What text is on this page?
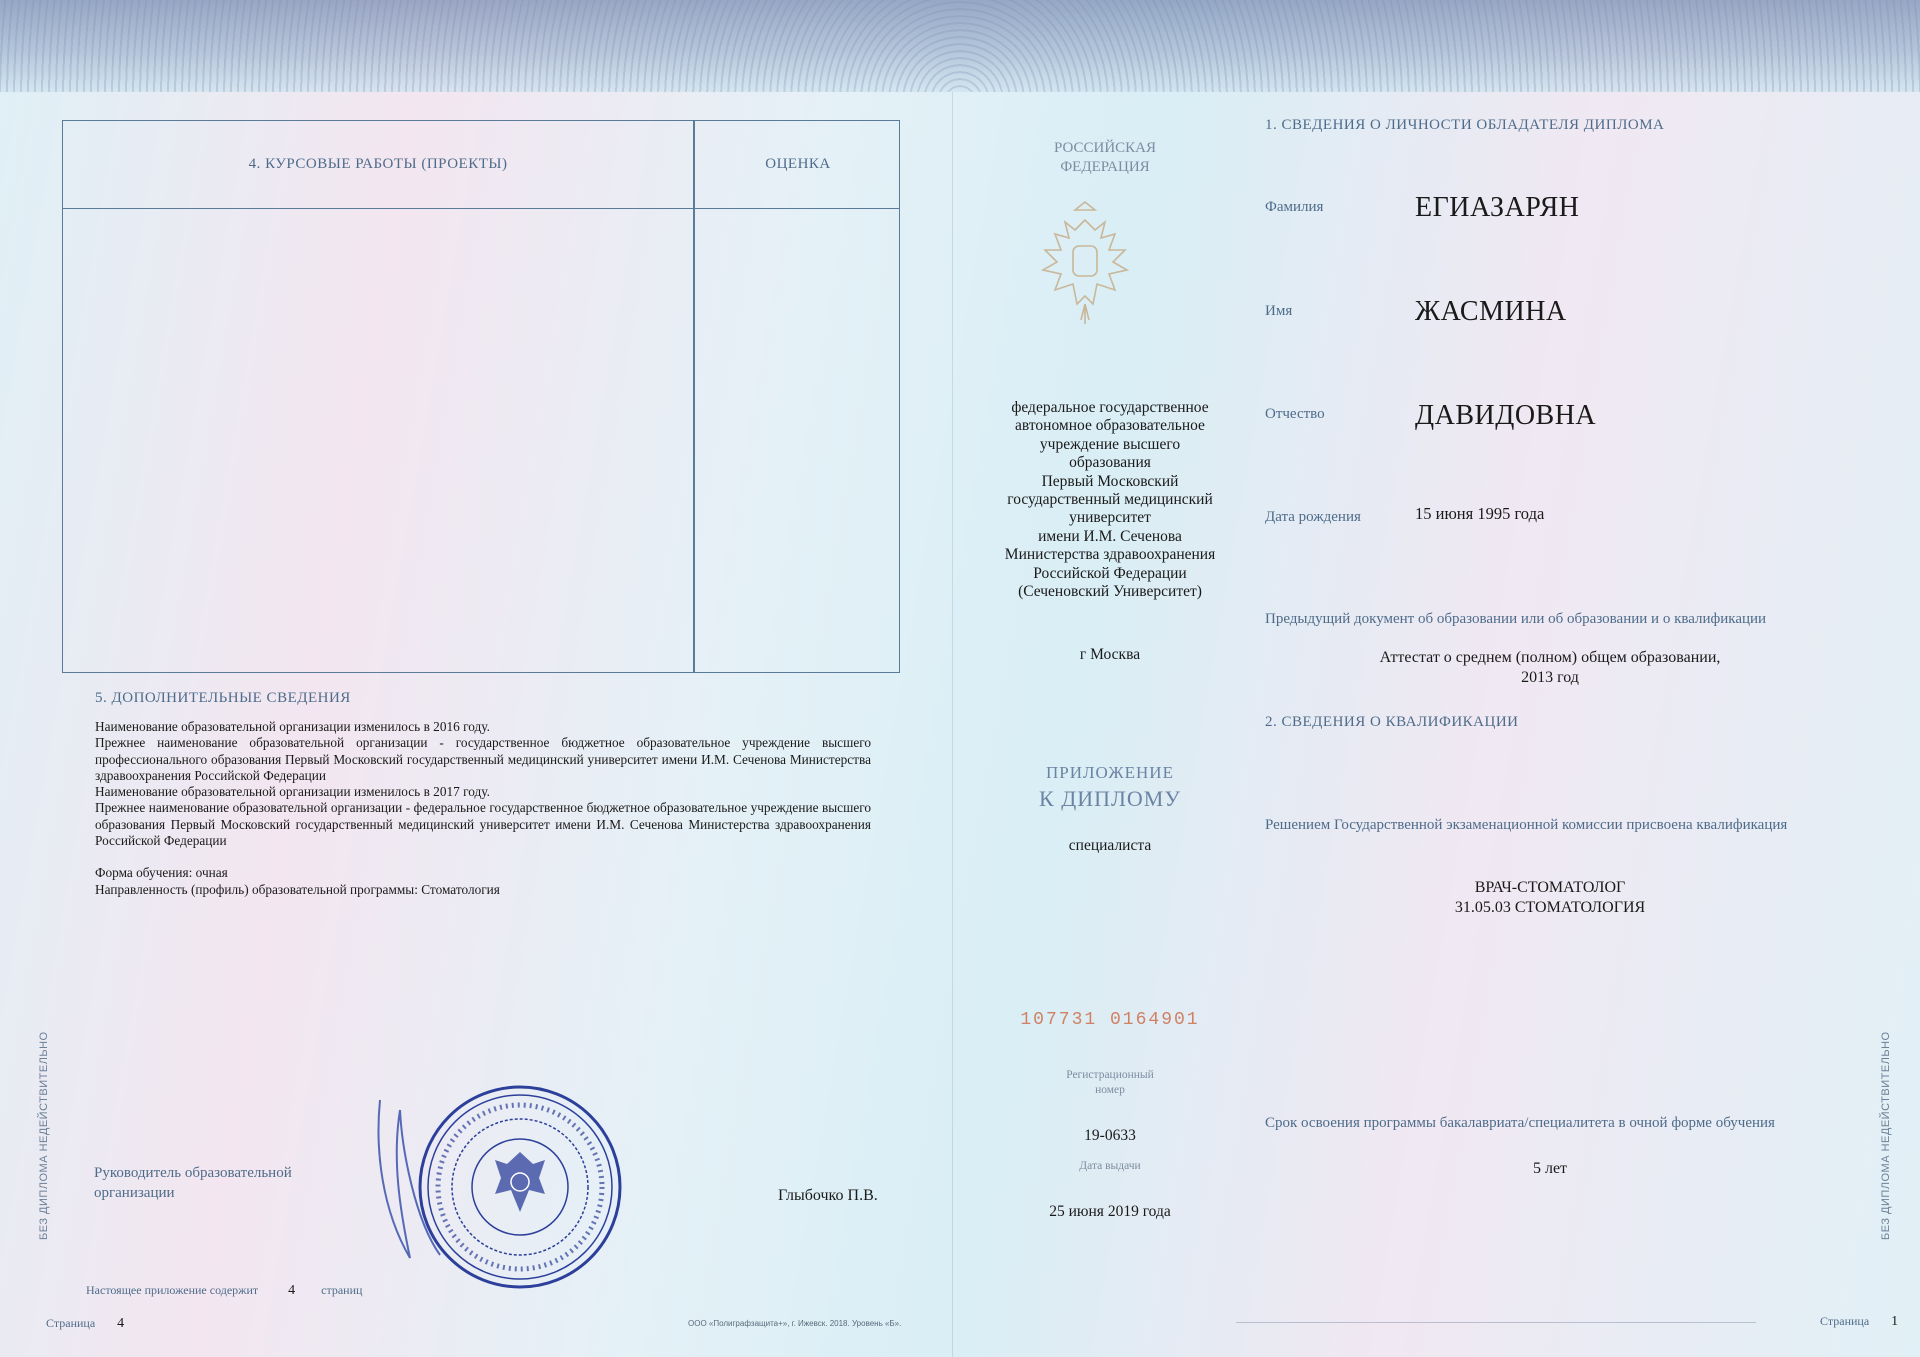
4. КУРСОВЫЕ РАБОТЫ (ПРОЕКТЫ)	ОЦЕНКА
5. ДОПОЛНИТЕЛЬНЫЕ СВЕДЕНИЯ

Наименование образовательной организации изменилось в 2016 году.

Прежнее наименование образовательной организации - государственное бюджетное образовательное учреждение высшего профессионального образования Первый Московский государственный медицинский университет имени И.М. Сеченова Министерства здравоохранения Российской Федерации

Наименование образовательной организации изменилось в 2017 году.

Прежнее наименование образовательной организации - федеральное государственное бюджетное образовательное учреждение высшего образования Первый Московский государственный медицинский университет имени И.М. Сеченова Министерства здравоохранения Российской Федерации

Форма обучения: очная

Направленность (профиль) образовательной программы: Стоматология

Руководитель образовательной организации	Глыбочко П.В.
Настоящее приложение содержит 4 страниц
Страница 4	ООО «Полиграфзащита+», г. Ижевск. 2018. Уровень «Б».
БЕЗ ДИПЛОМА НЕДЕЙСТВИТЕЛЬНО
РОССИЙСКАЯ ФЕДЕРАЦИЯ
федеральное государственное
автономное образовательное
учреждение высшего
образования
Первый Московский
государственный медицинский
университет
имени И.М. Сеченова
Министерства здравоохранения
Российской Федерации
(Сеченовский Университет)
г Москва
ПРИЛОЖЕНИЕ
К ДИПЛОМУ
специалиста
107731 0164901
Регистрационный номер
19-0633
Дата выдачи
25 июня 2019 года
1. СВЕДЕНИЯ О ЛИЧНОСТИ ОБЛАДАТЕЛЯ ДИПЛОМА
Фамилия	ЕГИАЗАРЯН
Имя	ЖАСМИНА
Отчество	ДАВИДОВНА
Дата рождения	15 июня 1995 года
Предыдущий документ об образовании или об образовании и о квалификации
Аттестат о среднем (полном) общем образовании,
2013 год
2. СВЕДЕНИЯ О КВАЛИФИКАЦИИ
Решением Государственной экзаменационной комиссии присвоена квалификация
ВРАЧ-СТОМАТОЛОГ
31.05.03 СТОМАТОЛОГИЯ
Срок освоения программы бакалавриата/специалитета в очной форме обучения
5 лет
Страница 1
БЕЗ ДИПЛОМА НЕДЕЙСТВИТЕЛЬНО
